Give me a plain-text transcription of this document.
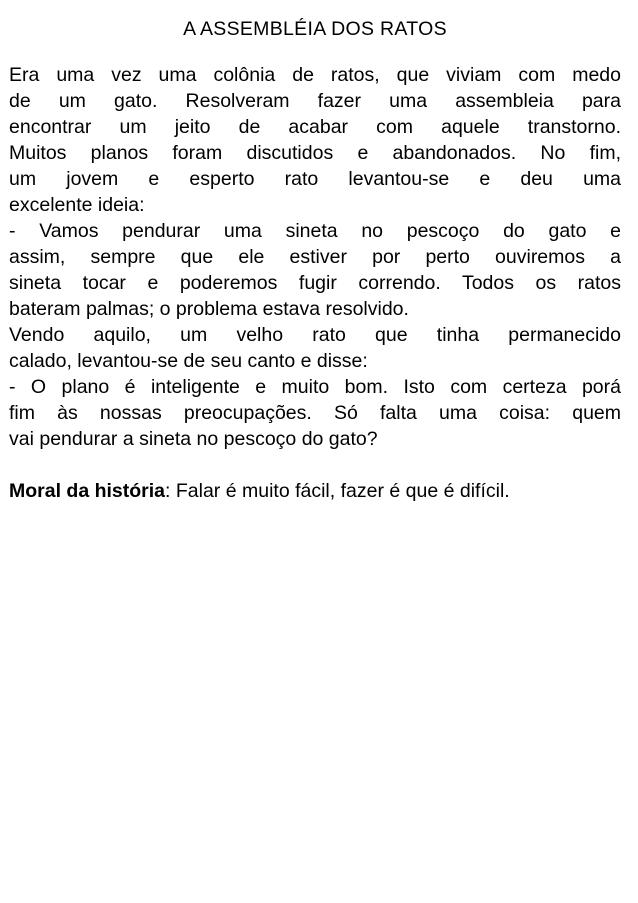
A ASSEMBLÉIA DOS RATOS
Era uma vez uma colônia de ratos, que viviam com medo
de um gato. Resolveram fazer uma assembleia para
encontrar um jeito de acabar com aquele transtorno.
Muitos planos foram discutidos e abandonados. No fim,
um jovem e esperto rato levantou-se e deu uma
excelente ideia:
- Vamos pendurar uma sineta no pescoço do gato e
assim, sempre que ele estiver por perto ouviremos a
sineta tocar e poderemos fugir correndo. Todos os ratos
bateram palmas; o problema estava resolvido.
Vendo aquilo, um velho rato que tinha permanecido
calado, levantou-se de seu canto e disse:
- O plano é inteligente e muito bom. Isto com certeza porá
fim às nossas preocupações. Só falta uma coisa: quem
vai pendurar a sineta no pescoço do gato?
Moral da história: Falar é muito fácil, fazer é que é difícil.
